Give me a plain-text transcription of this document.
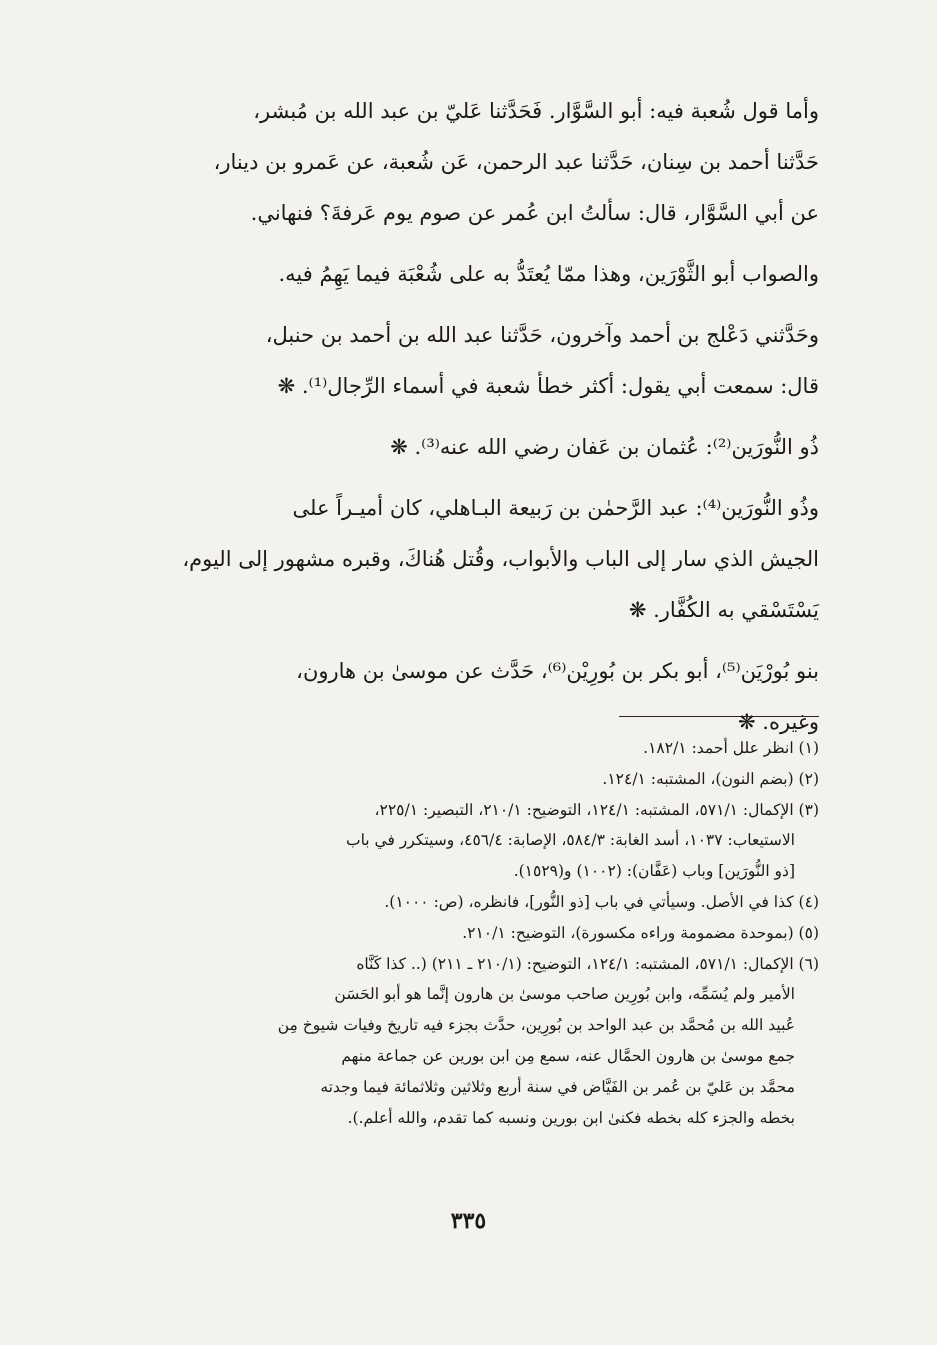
وأما قول شُعبة فيه: أبو السَّوَّار. فَحَدَّثنا عَليّ بن عبد الله بن مُبشر،

حَدَّثنا أحمد بن سِنان، حَدَّثنا عبد الرحمن، عَن شُعبة، عن عَمرو بن دينار،

عن أبي السَّوَّار، قال: سألتُ ابن عُمر عن صوم يوم عَرفةَ؟ فنهاني.

والصواب أبو الثَّوْرَين، وهذا ممّا يُعتَدُّ به على شُعْبَة فيما يَهِمُ فيه.

وحَدَّثني دَعْلج بن أحمد وآخرون، حَدَّثنا عبد الله بن أحمد بن حنبل،

قال: سمعت أبي يقول: أكثر خطأ شعبة في أسماء الرِّجال⁽¹⁾. ❋

ذُو النُّورَين⁽²⁾: عُثمان بن عَفان رضي الله عنه⁽³⁾. ❋

وذُو النُّورَين⁽⁴⁾: عبد الرَّحمٰن بن رَبيعة البـاهلي، كان أميـراً على

الجيش الذي سار إلى الباب والأبواب، وقُتل هُناكَ، وقبره مشهور إلى اليوم،

يَسْتَسْقي به الكُفَّار. ❋

بنو بُورْيَن⁽⁵⁾، أبو بكر بن بُورِيْن⁽⁶⁾، حَدَّث عن موسىٰ بن هارون،

وغيره. ❋

(١) انظر علل أحمد: ١٨٢/١.

(٢) (بضم النون)، المشتبه: ١٢٤/١.

(٣) الإكمال: ٥٧١/١، المشتبه: ١٢٤/١، التوضيح: ٢١٠/١، التبصير: ٢٢٥/١،

الاستيعاب: ١٠٣٧، أسد الغابة: ٥٨٤/٣، الإصابة: ٤٥٦/٤، وسيتكرر في باب

[ذو النُّورَين] وباب (عَفَّان): (١٠٠٢) و(١٥٢٩).

(٤) كذا في الأصل. وسيأتي في باب [ذو النُّور]، فانظره، (ص: ١٠٠٠).

(٥) (بموحدة مضمومة وراءه مكسورة)، التوضيح: ٢١٠/١.

(٦) الإكمال: ٥٧١/١، المشتبه: ١٢٤/١، التوضيح: (٢١٠/١ ـ ٢١١) (.. كذا كَنَّاه

الأمير ولم يُسَمِّه، وابن بُورِين صاحب موسىٰ بن هارون إنَّما هو أبو الحَسَن

عُبيد الله بن مُحمَّد بن عبد الواحد بن بُورِين، حدَّث بجزء فيه تاريخ وفيات شيوخ مِن

جمع موسىٰ بن هارون الحمَّال عنه، سمع مِن ابن بورين عن جماعة منهم

محمَّد بن عَليّ بن عُمر بن الفَيَّاض في سنة أربع وثلاثين وثلاثمائة فيما وجدته

بخطه والجزء كله بخطه فكنىٰ ابن بورين ونسبه كما تقدم، والله أعلم.).

٣٣٥
